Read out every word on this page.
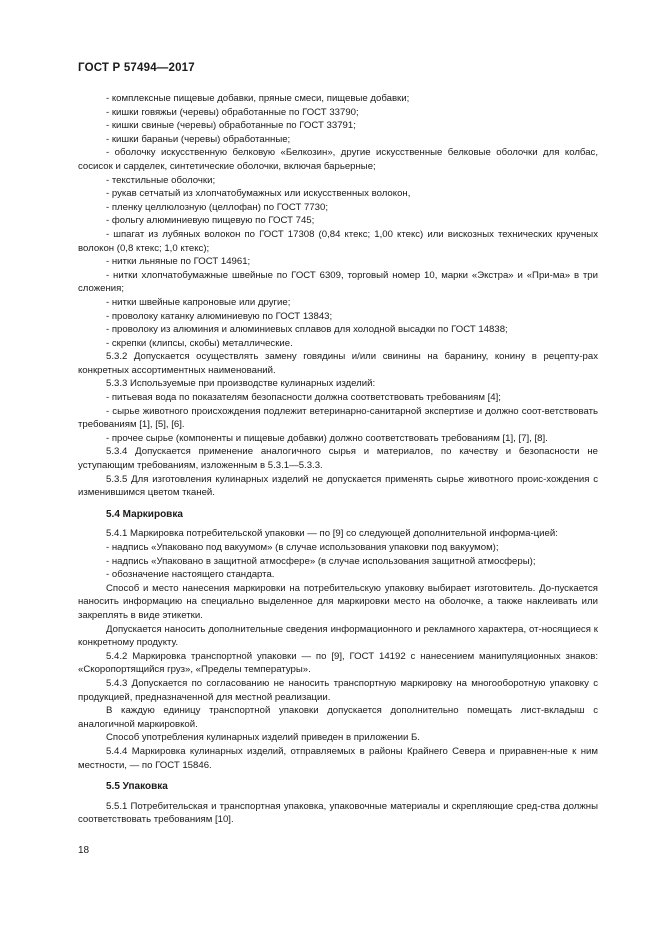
ГОСТ Р 57494—2017

- комплексные пищевые добавки, пряные смеси, пищевые добавки;

- кишки говяжьи (черевы) обработанные по ГОСТ 33790;

- кишки свиные (черевы) обработанные по ГОСТ 33791;

- кишки бараньи (черевы) обработанные;

- оболочку искусственную белковую «Белкозин», другие искусственные белковые оболочки для колбас, сосисок и сарделек, синтетические оболочки, включая барьерные;

- текстильные оболочки;

- рукав сетчатый из хлопчатобумажных или искусственных волокон,

- пленку целлюлозную (целлофан) по ГОСТ 7730;

- фольгу алюминиевую пищевую по ГОСТ 745;

- шпагат из лубяных волокон по ГОСТ 17308 (0,84 ктекс; 1,00 ктекс) или вискозных технических крученых волокон (0,8 ктекс; 1,0 ктекс);

- нитки льняные по ГОСТ 14961;

- нитки хлопчатобумажные швейные по ГОСТ 6309, торговый номер 10, марки «Экстра» и «При-ма» в три сложения;

- нитки швейные капроновые или другие;

- проволоку катанку алюминиевую по ГОСТ 13843;

- проволоку из алюминия и алюминиевых сплавов для холодной высадки по ГОСТ 14838;

- скрепки (клипсы, скобы) металлические.

5.3.2 Допускается осуществлять замену говядины и/или свинины на баранину, конину в рецепту-рах конкретных ассортиментных наименований.

5.3.3 Используемые при производстве кулинарных изделий:

- питьевая вода по показателям безопасности должна соответствовать требованиям [4];

- сырье животного происхождения подлежит ветеринарно-санитарной экспертизе и должно соот-ветствовать требованиям [1], [5], [6].

- прочее сырье (компоненты и пищевые добавки) должно соответствовать требованиям [1], [7], [8].

5.3.4 Допускается применение аналогичного сырья и материалов, по качеству и безопасности не уступающим требованиям, изложенным в 5.3.1—5.3.3.

5.3.5 Для изготовления кулинарных изделий не допускается применять сырье животного проис-хождения с изменившимся цветом тканей.

5.4 Маркировка

5.4.1 Маркировка потребительской упаковки — по [9] со следующей дополнительной информа-цией:

- надпись «Упаковано под вакуумом» (в случае использования упаковки под вакуумом);

- надпись «Упаковано в защитной атмосфере» (в случае использования защитной атмосферы);

- обозначение настоящего стандарта.

Способ и место нанесения маркировки на потребительскую упаковку выбирает изготовитель. До-пускается наносить информацию на специально выделенное для маркировки место на оболочке, а также наклеивать или закреплять в виде этикетки.

Допускается наносить дополнительные сведения информационного и рекламного характера, от-носящиеся к конкретному продукту.

5.4.2 Маркировка транспортной упаковки — по [9], ГОСТ 14192 с нанесением манипуляционных знаков: «Скоропортящийся груз», «Пределы температуры».

5.4.3 Допускается по согласованию не наносить транспортную маркировку на многооборотную упаковку с продукцией, предназначенной для местной реализации.

В каждую единицу транспортной упаковки допускается дополнительно помещать лист-вкладыш с аналогичной маркировкой.

Способ употребления кулинарных изделий приведен в приложении Б.

5.4.4 Маркировка кулинарных изделий, отправляемых в районы Крайнего Севера и приравнен-ные к ним местности, — по ГОСТ 15846.

5.5 Упаковка

5.5.1 Потребительская и транспортная упаковка, упаковочные материалы и скрепляющие сред-ства должны соответствовать требованиям [10].

18
